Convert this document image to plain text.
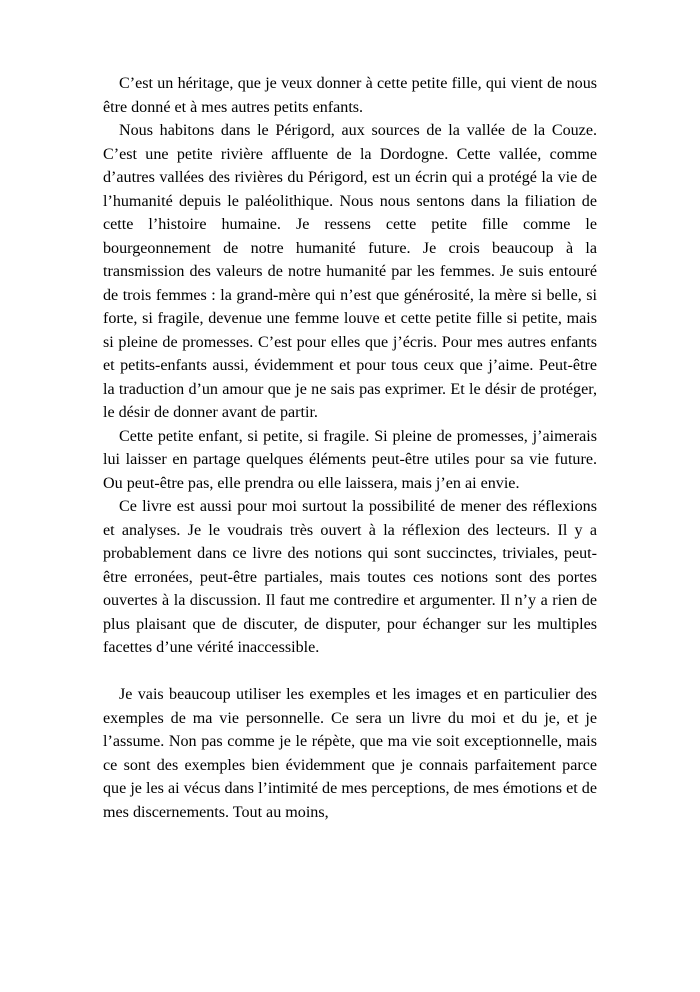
C’est un héritage, que je veux donner à cette petite fille, qui vient de nous être donné et à mes autres petits enfants.

Nous habitons dans le Périgord, aux sources de la vallée de la Couze. C’est une petite rivière affluente de la Dordogne. Cette vallée, comme d’autres vallées des rivières du Périgord, est un écrin qui a protégé la vie de l’humanité depuis le paléolithique. Nous nous sentons dans la filiation de cette l’histoire humaine. Je ressens cette petite fille comme le bourgeonnement de notre humanité future. Je crois beaucoup à la transmission des valeurs de notre humanité par les femmes. Je suis entouré de trois femmes : la grand-mère qui n’est que générosité, la mère si belle, si forte, si fragile, devenue une femme louve et cette petite fille si petite, mais si pleine de promesses. C’est pour elles que j’écris. Pour mes autres enfants et petits-enfants aussi, évidemment et pour tous ceux que j’aime. Peut-être la traduction d’un amour que je ne sais pas exprimer. Et le désir de protéger, le désir de donner avant de partir.

Cette petite enfant, si petite, si fragile. Si pleine de promesses, j’aimerais lui laisser en partage quelques éléments peut-être utiles pour sa vie future. Ou peut-être pas, elle prendra ou elle laissera, mais j’en ai envie.

Ce livre est aussi pour moi surtout la possibilité de mener des réflexions et analyses. Je le voudrais très ouvert à la réflexion des lecteurs. Il y a probablement dans ce livre des notions qui sont succinctes, triviales, peut-être erronées, peut-être partiales, mais toutes ces notions sont des portes ouvertes à la discussion. Il faut me contredire et argumenter. Il n’y a rien de plus plaisant que de discuter, de disputer, pour échanger sur les multiples facettes d’une vérité inaccessible.

Je vais beaucoup utiliser les exemples et les images et en particulier des exemples de ma vie personnelle. Ce sera un livre du moi et du je, et je l’assume. Non pas comme je le répète, que ma vie soit exceptionnelle, mais ce sont des exemples bien évidemment que je connais parfaitement parce que je les ai vécus dans l’intimité de mes perceptions, de mes émotions et de mes discernements. Tout au moins,
